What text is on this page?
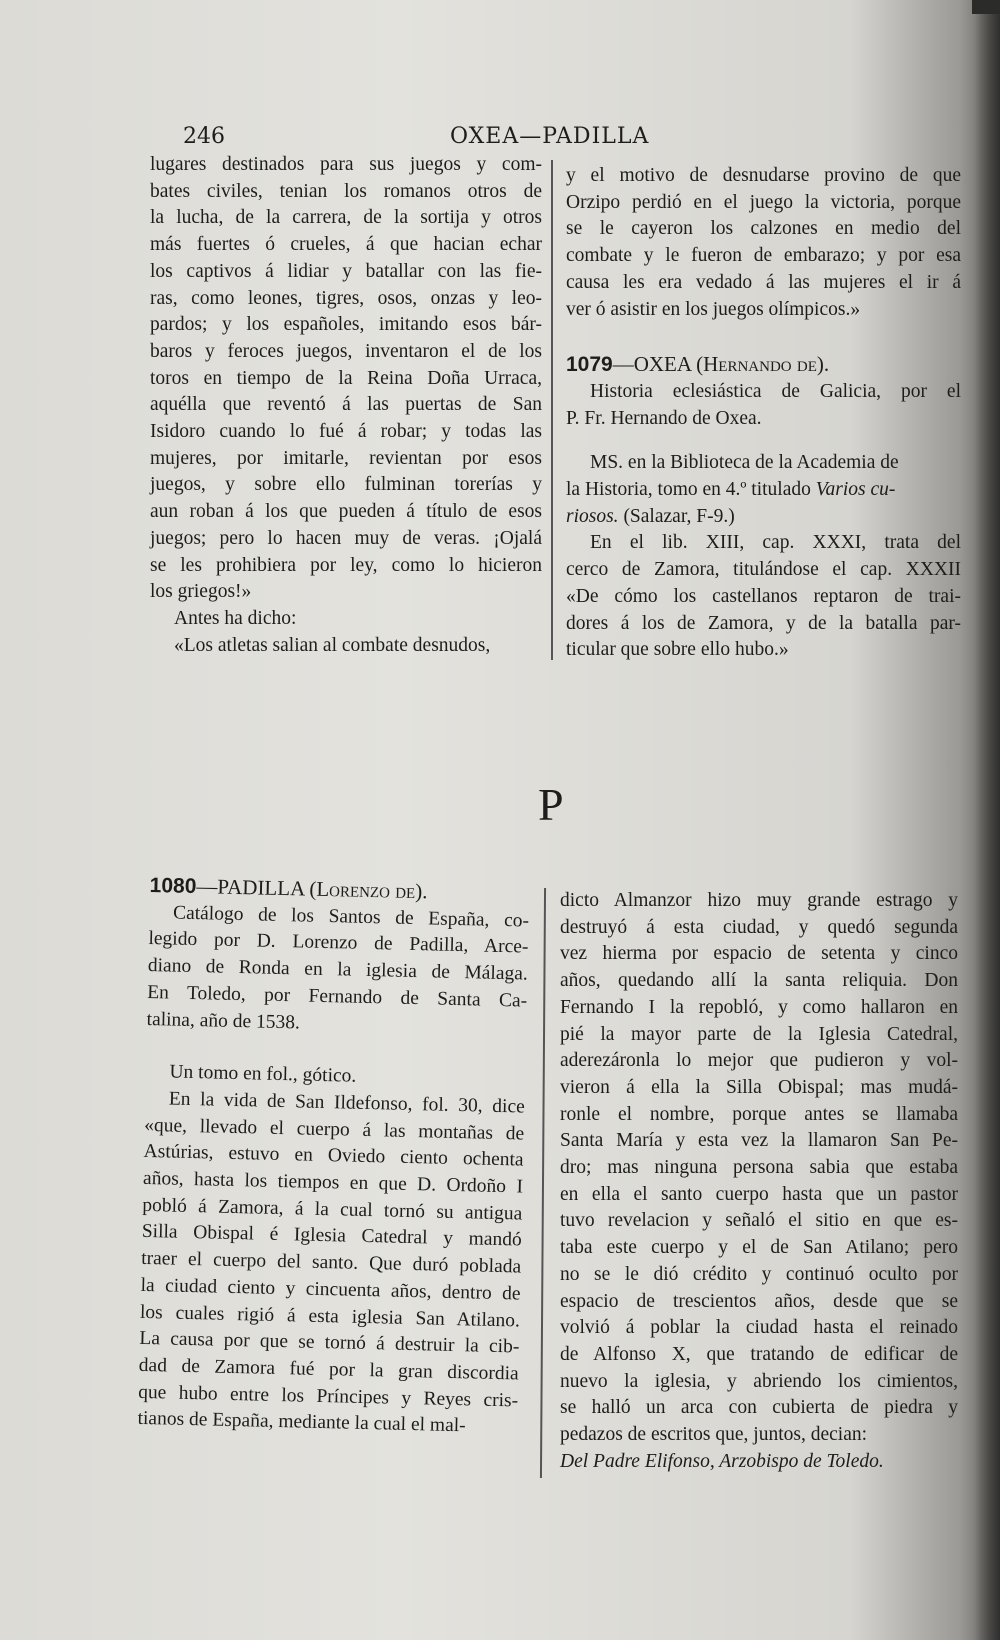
246	OXEA—PADILLA

lugares destinados para sus juegos y com-

bates civiles, tenian los romanos otros de

la lucha, de la carrera, de la sortija y otros

más fuertes ó crueles, á que hacian echar

los captivos á lidiar y batallar con las fie-

ras, como leones, tigres, osos, onzas y leo-

pardos; y los españoles, imitando esos bár-

baros y feroces juegos, inventaron el de los

toros en tiempo de la Reina Doña Urraca,

aquélla que reventó á las puertas de San

Isidoro cuando lo fué á robar; y todas las

mujeres, por imitarle, revientan por esos

juegos, y sobre ello fulminan torerías y

aun roban á los que pueden á título de esos

juegos; pero lo hacen muy de veras. ¡Ojalá

se les prohibiera por ley, como lo hicieron

los griegos!»

Antes ha dicho:

«Los atletas salian al combate desnudos,

y el motivo de desnudarse provino de que

Orzipo perdió en el juego la victoria, porque

se le cayeron los calzones en medio del

combate y le fueron de embarazo; y por esa

causa les era vedado á las mujeres el ir á

ver ó asistir en los juegos olímpicos.»

1079—OXEA (Hernando de).

Historia eclesiástica de Galicia, por el

P. Fr. Hernando de Oxea.

MS. en la Biblioteca de la Academia de

la Historia, tomo en 4.º titulado Varios cu-

riosos. (Salazar, F-9.)

En el lib. XIII, cap. XXXI, trata del

cerco de Zamora, titulándose el cap. XXXII

«De cómo los castellanos reptaron de trai-

dores á los de Zamora, y de la batalla par-

ticular que sobre ello hubo.»

P

1080—PADILLA (Lorenzo de).

Catálogo de los Santos de España, co-

legido por D. Lorenzo de Padilla, Arce-

diano de Ronda en la iglesia de Málaga.

En Toledo, por Fernando de Santa Ca-

talina, año de 1538.

Un tomo en fol., gótico.

En la vida de San Ildefonso, fol. 30, dice

«que, llevado el cuerpo á las montañas de

Astúrias, estuvo en Oviedo ciento ochenta

años, hasta los tiempos en que D. Ordoño I

pobló á Zamora, á la cual tornó su antigua

Silla Obispal é Iglesia Catedral y mandó

traer el cuerpo del santo. Que duró poblada

la ciudad ciento y cincuenta años, dentro de

los cuales rigió á esta iglesia San Atilano.

La causa por que se tornó á destruir la cib-

dad de Zamora fué por la gran discordia

que hubo entre los Príncipes y Reyes cris-

tianos de España, mediante la cual el mal-

dicto Almanzor hizo muy grande estrago y

destruyó á esta ciudad, y quedó segunda

vez hierma por espacio de setenta y cinco

años, quedando allí la santa reliquia. Don

Fernando I la repobló, y como hallaron en

pié la mayor parte de la Iglesia Catedral,

aderezáronla lo mejor que pudieron y vol-

vieron á ella la Silla Obispal; mas mudá-

ronle el nombre, porque antes se llamaba

Santa María y esta vez la llamaron San Pe-

dro; mas ninguna persona sabia que estaba

en ella el santo cuerpo hasta que un pastor

tuvo revelacion y señaló el sitio en que es-

taba este cuerpo y el de San Atilano; pero

no se le dió crédito y continuó oculto por

espacio de trescientos años, desde que se

volvió á poblar la ciudad hasta el reinado

de Alfonso X, que tratando de edificar de

nuevo la iglesia, y abriendo los cimientos,

se halló un arca con cubierta de piedra y

pedazos de escritos que, juntos, decian:

Del Padre Elifonso, Arzobispo de Toledo.
